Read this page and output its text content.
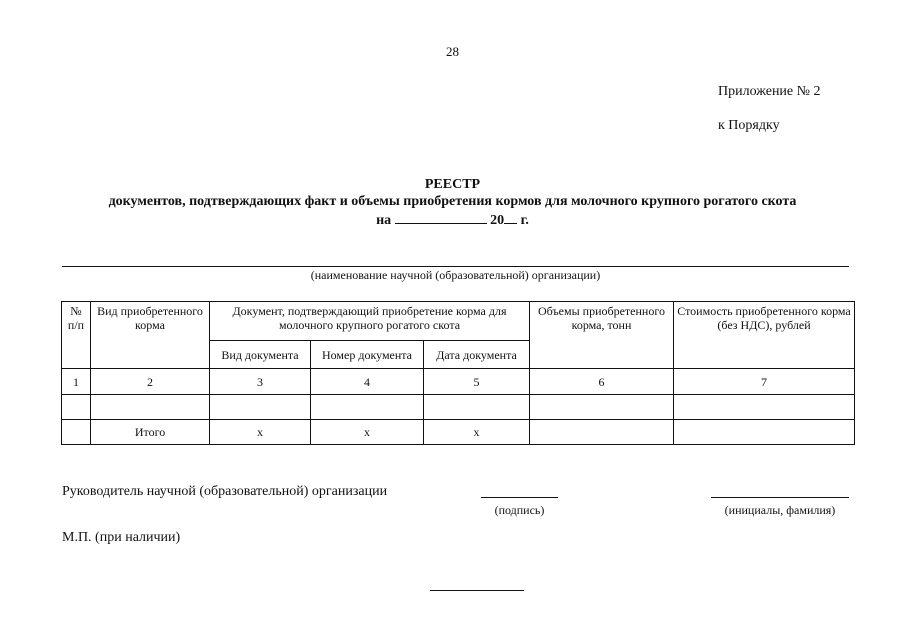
28
Приложение № 2
к Порядку
РЕЕСТР
документов, подтверждающих факт и объемы приобретения кормов для молочного крупного рогатого скота
на	20 г.
(наименование научной (образовательной) организации)
№ п/п	Вид приобретенного корма	Документ, подтверждающий приобретение корма для молочного крупного рогатого скота			Объемы приобретенного корма, тонн	Стоимость приобретенного корма (без НДС), рублей
		Вид документа	Номер документа	Дата документа		
1	2	3	4	5	6	7

	Итого	х	х	х		
Руководитель научной (образовательной) организации
(подпись)	(инициалы, фамилия)
М.П. (при наличии)
